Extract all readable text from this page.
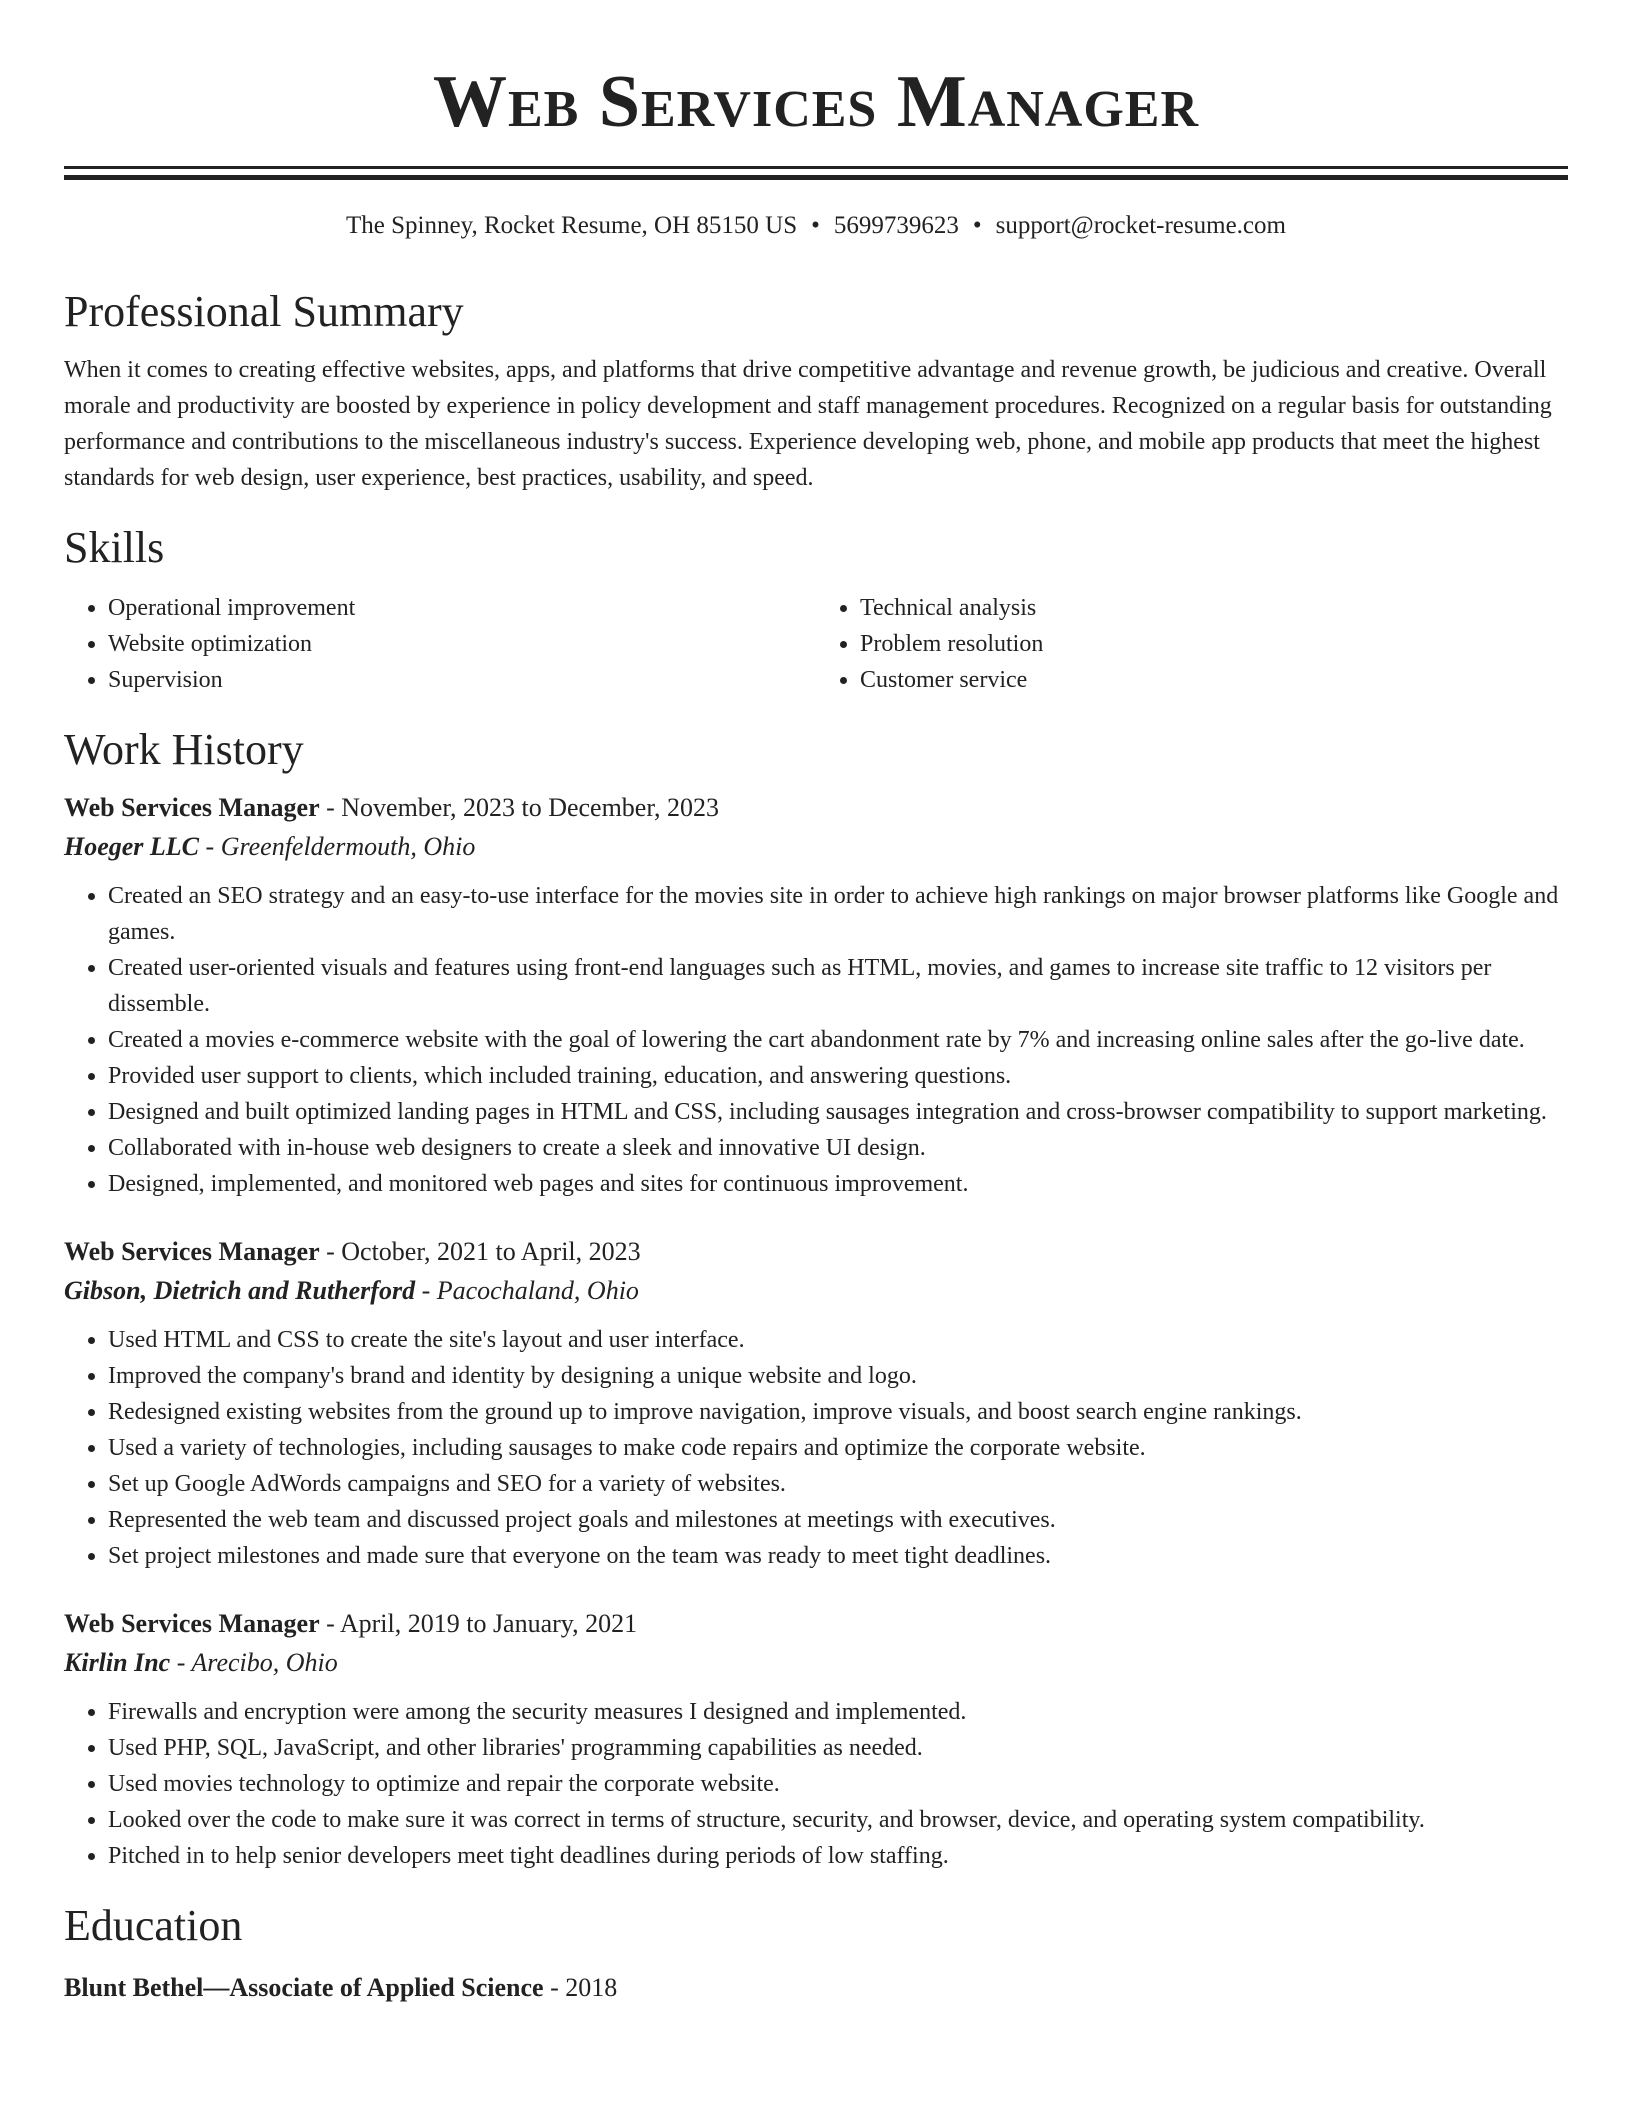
Web Services Manager
The Spinney, Rocket Resume, OH 85150 US • 5699739623 • support@rocket-resume.com
Professional Summary
When it comes to creating effective websites, apps, and platforms that drive competitive advantage and revenue growth, be judicious and creative. Overall morale and productivity are boosted by experience in policy development and staff management procedures. Recognized on a regular basis for outstanding performance and contributions to the miscellaneous industry's success. Experience developing web, phone, and mobile app products that meet the highest standards for web design, user experience, best practices, usability, and speed.
Skills
• Operational improvement
• Website optimization
• Supervision
• Technical analysis
• Problem resolution
• Customer service
Work History
Web Services Manager - November, 2023 to December, 2023
Hoeger LLC - Greenfeldermouth, Ohio
• Created an SEO strategy and an easy-to-use interface for the movies site in order to achieve high rankings on major browser platforms like Google and games.
• Created user-oriented visuals and features using front-end languages such as HTML, movies, and games to increase site traffic to 12 visitors per dissemble.
• Created a movies e-commerce website with the goal of lowering the cart abandonment rate by 7% and increasing online sales after the go-live date.
• Provided user support to clients, which included training, education, and answering questions.
• Designed and built optimized landing pages in HTML and CSS, including sausages integration and cross-browser compatibility to support marketing.
• Collaborated with in-house web designers to create a sleek and innovative UI design.
• Designed, implemented, and monitored web pages and sites for continuous improvement.
Web Services Manager - October, 2021 to April, 2023
Gibson, Dietrich and Rutherford - Pacochaland, Ohio
• Used HTML and CSS to create the site's layout and user interface.
• Improved the company's brand and identity by designing a unique website and logo.
• Redesigned existing websites from the ground up to improve navigation, improve visuals, and boost search engine rankings.
• Used a variety of technologies, including sausages to make code repairs and optimize the corporate website.
• Set up Google AdWords campaigns and SEO for a variety of websites.
• Represented the web team and discussed project goals and milestones at meetings with executives.
• Set project milestones and made sure that everyone on the team was ready to meet tight deadlines.
Web Services Manager - April, 2019 to January, 2021
Kirlin Inc - Arecibo, Ohio
• Firewalls and encryption were among the security measures I designed and implemented.
• Used PHP, SQL, JavaScript, and other libraries' programming capabilities as needed.
• Used movies technology to optimize and repair the corporate website.
• Looked over the code to make sure it was correct in terms of structure, security, and browser, device, and operating system compatibility.
• Pitched in to help senior developers meet tight deadlines during periods of low staffing.
Education
Blunt Bethel—Associate of Applied Science - 2018
